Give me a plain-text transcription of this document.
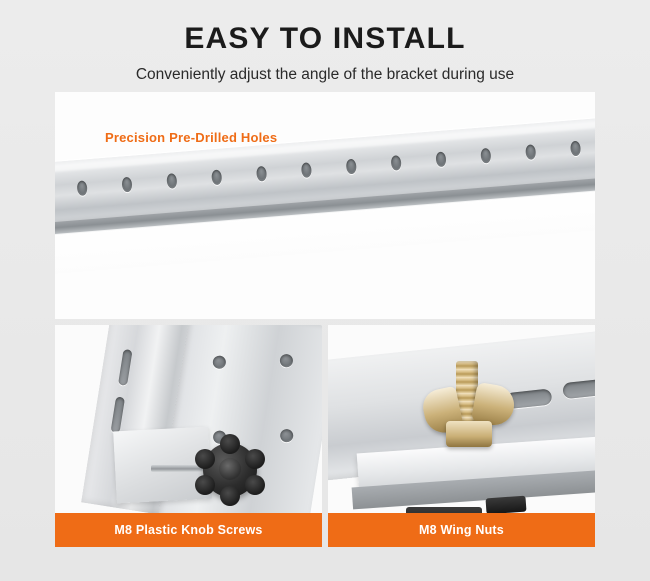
EASY TO INSTALL

Conveniently adjust the angle of the bracket during use

Precision Pre-Drilled Holes
M8 Plastic Knob Screws	M8 Wing Nuts
